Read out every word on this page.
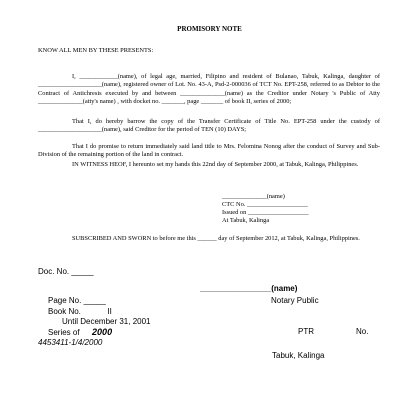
PROMISORY NOTE
KNOW ALL MEN BY THESE PRESENTS:
I, ____________(name), of legal age, married, Filipino and resident of Bulanao, Tabuk, Kalinga, daughter of ____________________(name), registered owner of Lot. No. 43-A, Psd-2-000036 of TCT No. EPT-258, referred to as Debtor to the Contract of Antichresis executed by and between ______________(name) as the Creditor under Notary 's Public of Atty ______________(atty's name) , with docket no. _______, page _______ of book II, series of 2000;
That I, do hereby barrow the copy of the Transfer Certificate of Title No. EPT-258 under the custody of ____________________(name), said Creditor for the period of TEN (10) DAYS;
That I do promise to return immediately said land title to Mrs. Felomina Nonog after the conduct of Survey and Sub-Division of the remaining portion of the land in contract.
IN WITNESS HEOF, I hereunto set my hands this 22nd day of September 2000, at Tabuk, Kalinga, Philippines.
______________(name)
CTC No. ___________________
Issued on ___________________
At Tabuk, Kalinga
SUBSCRIBED AND SWORN to before me this ______ day of September 2012, at Tabuk, Kalinga, Philippines.
Doc. No. _____
________________(name)
Page No. _____	Notary Public
Book No.	II
Until December 31, 2001
Series of 2000	PTR	No.
4453411-1/4/2000
Tabuk, Kalinga
